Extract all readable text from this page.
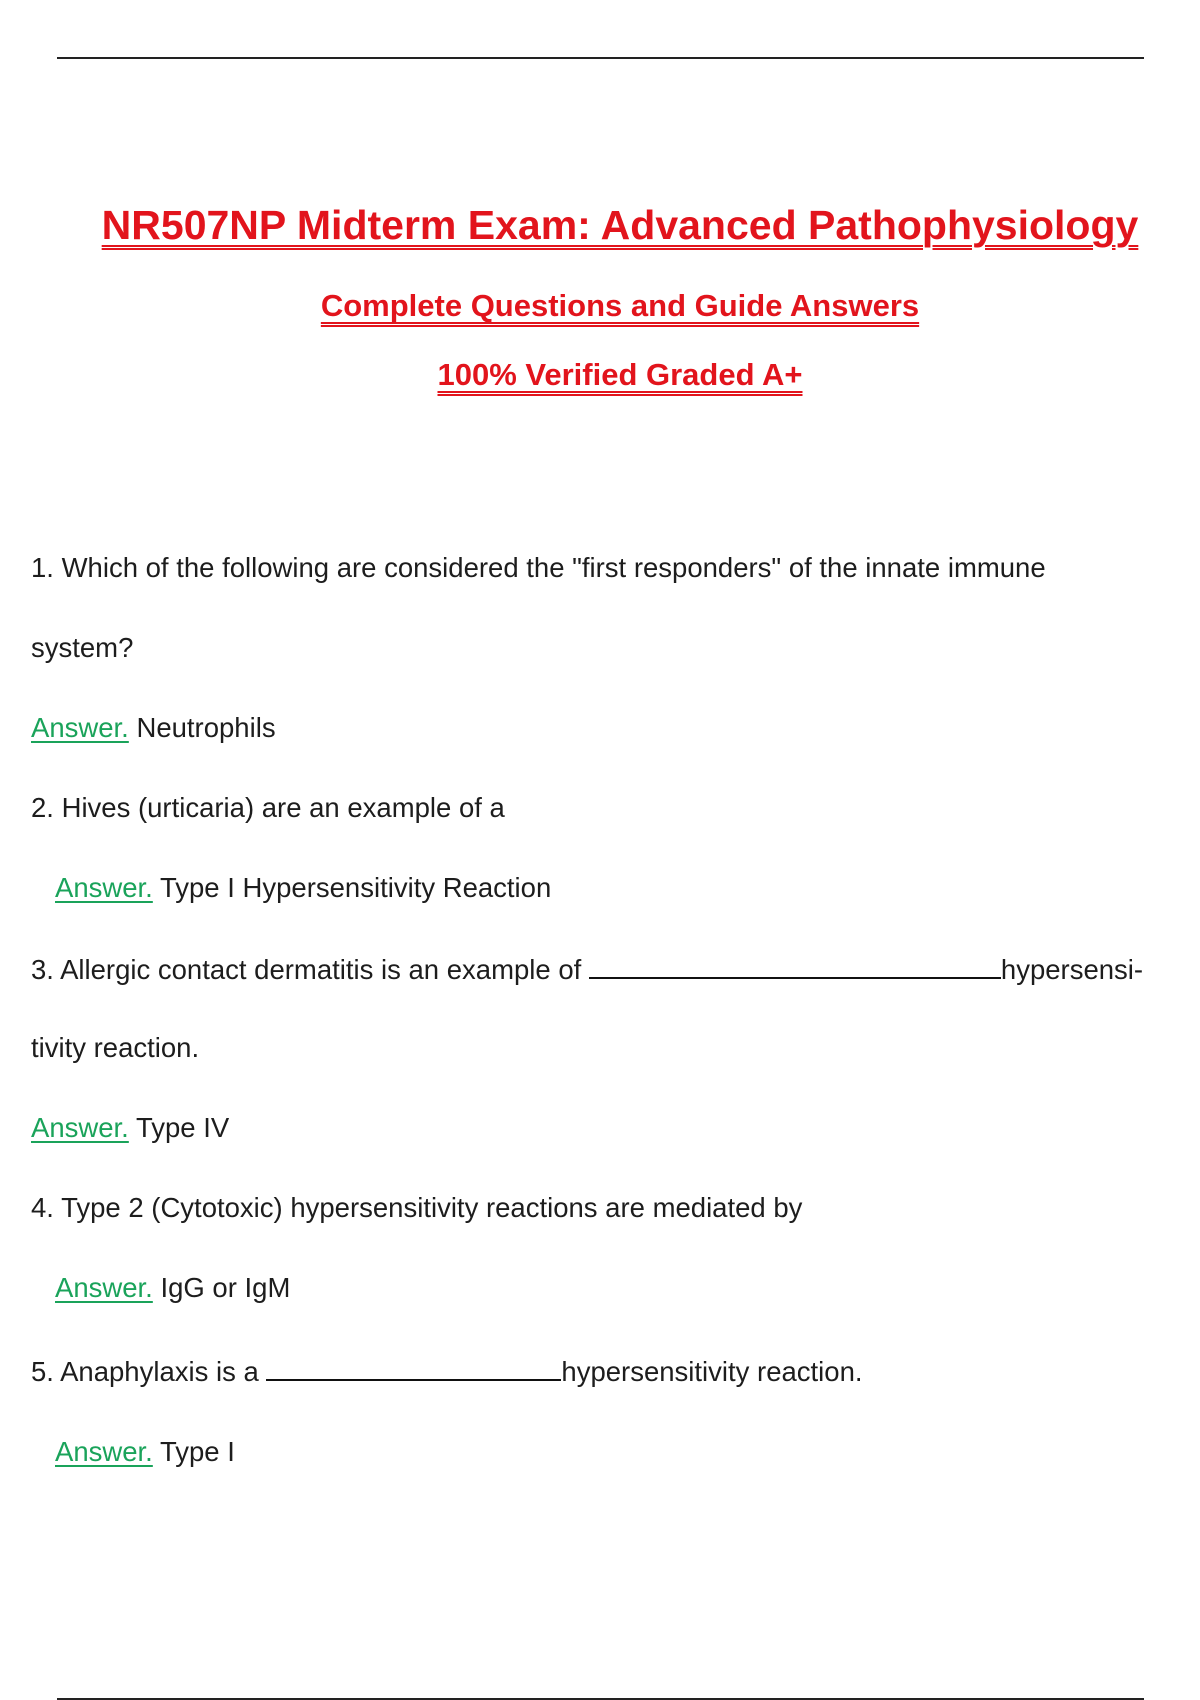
NR507NP Midterm Exam: Advanced Pathophysiology
Complete Questions and Guide Answers
100% Verified Graded A+
1. Which of the following are considered the "first responders" of the innate immune
system?
Answer. Neutrophils
2. Hives (urticaria) are an example of a
Answer. Type I Hypersensitivity Reaction
3. Allergic contact dermatitis is an example of	hypersensi-
tivity reaction.
Answer. Type IV
4. Type 2 (Cytotoxic) hypersensitivity reactions are mediated by
Answer. IgG or IgM
5. Anaphylaxis is a	hypersensitivity reaction.
Answer. Type I
